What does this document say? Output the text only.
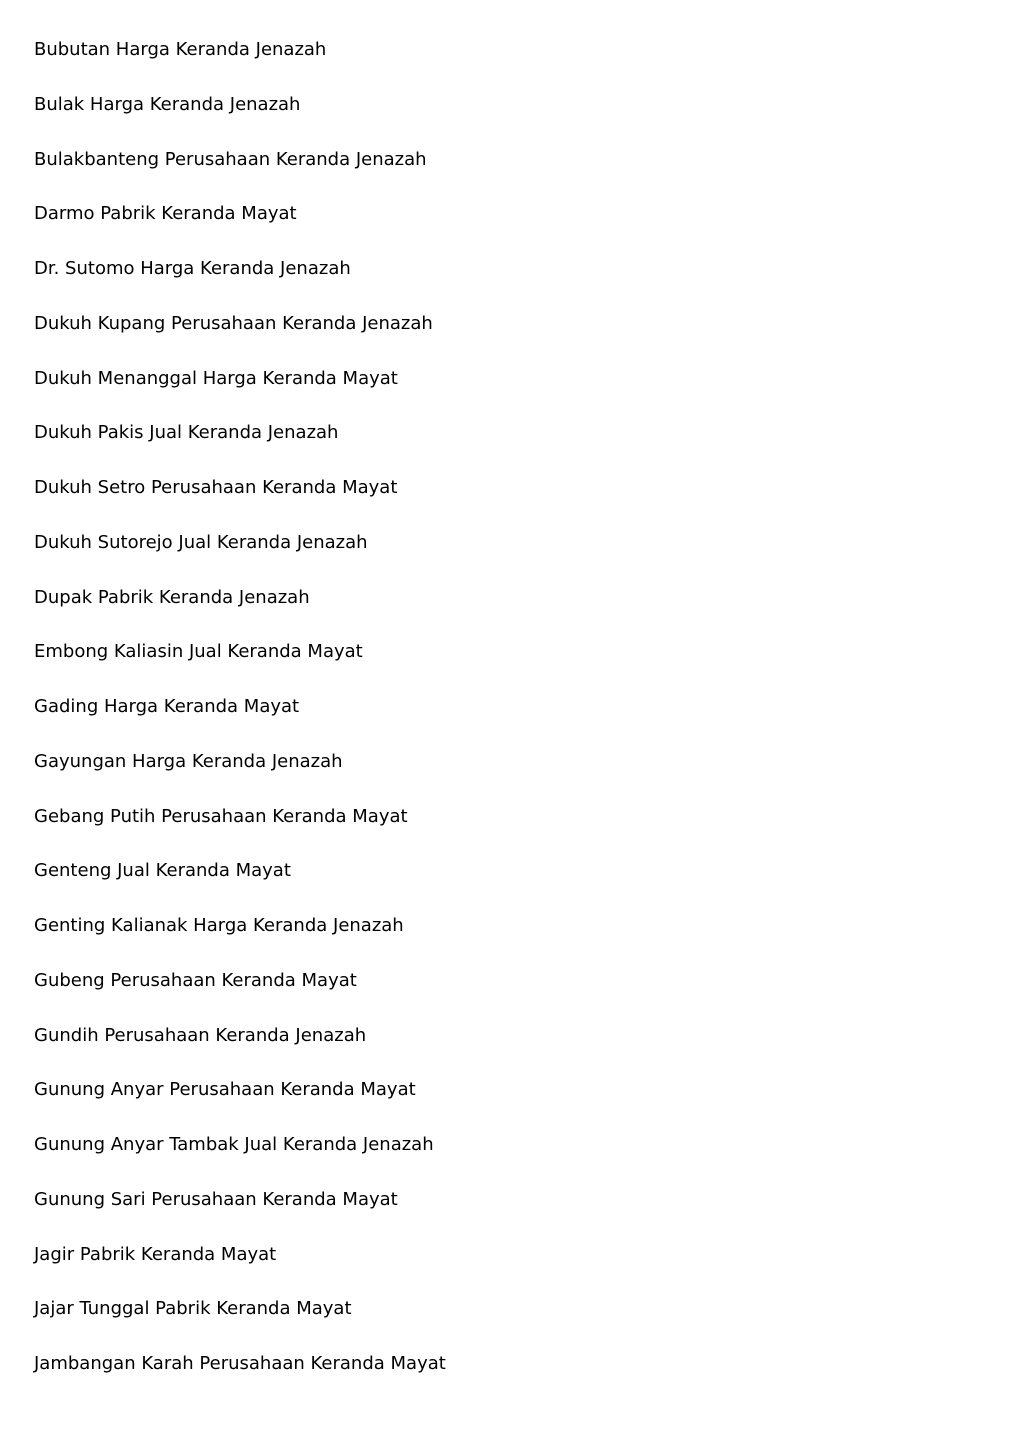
Bubutan Harga Keranda Jenazah
Bulak Harga Keranda Jenazah
Bulakbanteng Perusahaan Keranda Jenazah
Darmo Pabrik Keranda Mayat
Dr. Sutomo Harga Keranda Jenazah
Dukuh Kupang Perusahaan Keranda Jenazah
Dukuh Menanggal Harga Keranda Mayat
Dukuh Pakis Jual Keranda Jenazah
Dukuh Setro Perusahaan Keranda Mayat
Dukuh Sutorejo Jual Keranda Jenazah
Dupak Pabrik Keranda Jenazah
Embong Kaliasin Jual Keranda Mayat
Gading Harga Keranda Mayat
Gayungan Harga Keranda Jenazah
Gebang Putih Perusahaan Keranda Mayat
Genteng Jual Keranda Mayat
Genting Kalianak Harga Keranda Jenazah
Gubeng Perusahaan Keranda Mayat
Gundih Perusahaan Keranda Jenazah
Gunung Anyar Perusahaan Keranda Mayat
Gunung Anyar Tambak Jual Keranda Jenazah
Gunung Sari Perusahaan Keranda Mayat
Jagir Pabrik Keranda Mayat
Jajar Tunggal Pabrik Keranda Mayat
Jambangan Karah Perusahaan Keranda Mayat
